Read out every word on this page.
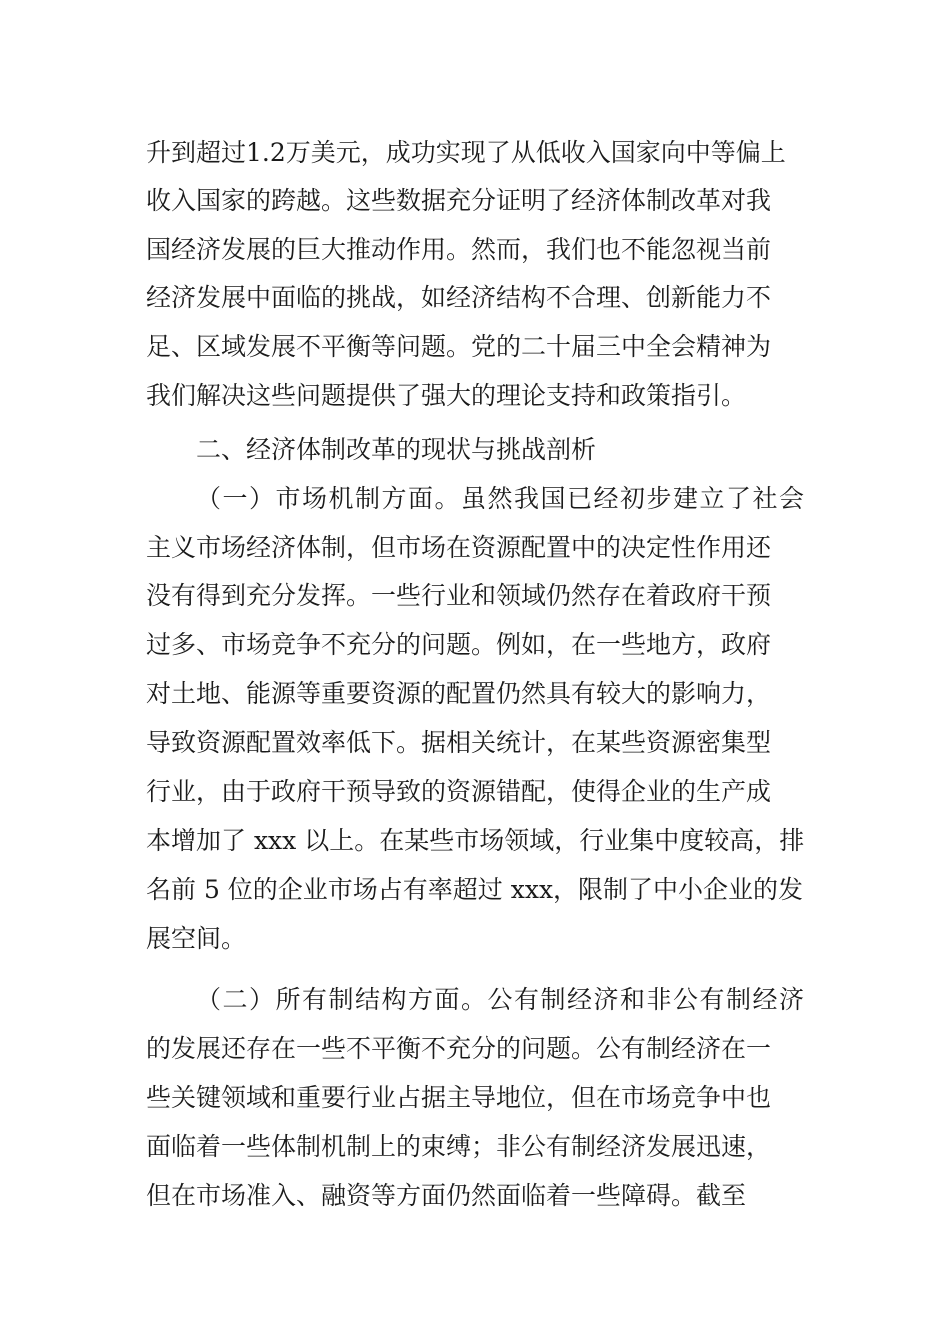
升到超过1.2万美元，成功实现了从低收入国家向中等偏上
收入国家的跨越。这些数据充分证明了经济体制改革对我
国经济发展的巨大推动作用。然而，我们也不能忽视当前
经济发展中面临的挑战，如经济结构不合理、创新能力不
足、区域发展不平衡等问题。党的二十届三中全会精神为
我们解决这些问题提供了强大的理论支持和政策指引。
二、经济体制改革的现状与挑战剖析
（一）市场机制方面。虽然我国已经初步建立了社会
主义市场经济体制，但市场在资源配置中的决定性作用还
没有得到充分发挥。一些行业和领域仍然存在着政府干预
过多、市场竞争不充分的问题。例如，在一些地方，政府
对土地、能源等重要资源的配置仍然具有较大的影响力，
导致资源配置效率低下。据相关统计，在某些资源密集型
行业，由于政府干预导致的资源错配，使得企业的生产成
本增加了 xxx 以上。在某些市场领域，行业集中度较高，排
名前 5 位的企业市场占有率超过 xxx，限制了中小企业的发
展空间。
（二）所有制结构方面。公有制经济和非公有制经济
的发展还存在一些不平衡不充分的问题。公有制经济在一
些关键领域和重要行业占据主导地位，但在市场竞争中也
面临着一些体制机制上的束缚；非公有制经济发展迅速，
但在市场准入、融资等方面仍然面临着一些障碍。截至
